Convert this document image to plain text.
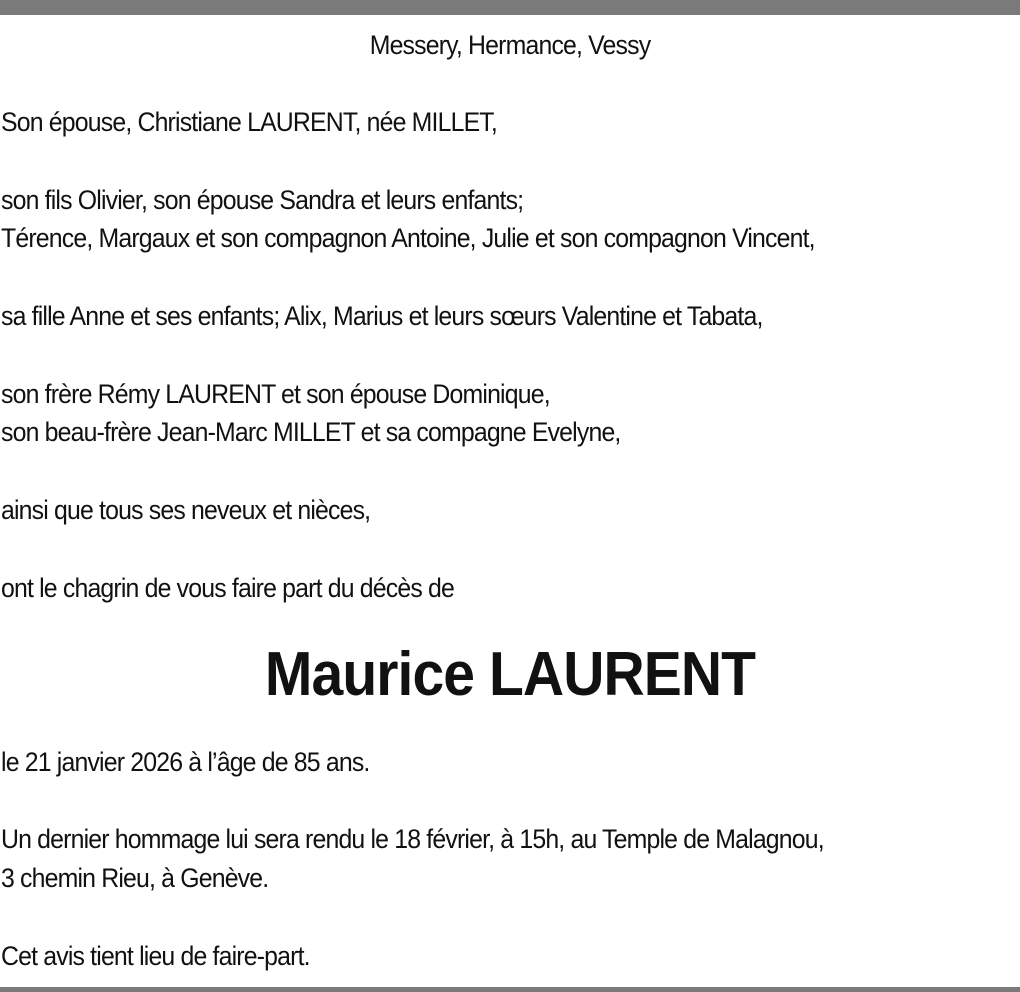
Messery, Hermance, Vessy
Son épouse, Christiane LAURENT, née MILLET,
son fils Olivier, son épouse Sandra et leurs enfants;
Térence, Margaux et son compagnon Antoine, Julie et son compagnon Vincent,
sa fille Anne et ses enfants; Alix, Marius et leurs sœurs Valentine et Tabata,
son frère Rémy LAURENT et son épouse Dominique,
son beau-frère Jean-Marc MILLET et sa compagne Evelyne,
ainsi que tous ses neveux et nièces,
ont le chagrin de vous faire part du décès de
Maurice LAURENT
le 21 janvier 2026 à l’âge de 85 ans.
Un dernier hommage lui sera rendu le 18 février, à 15h, au Temple de Malagnou,
3 chemin Rieu, à Genève.
Cet avis tient lieu de faire-part.
